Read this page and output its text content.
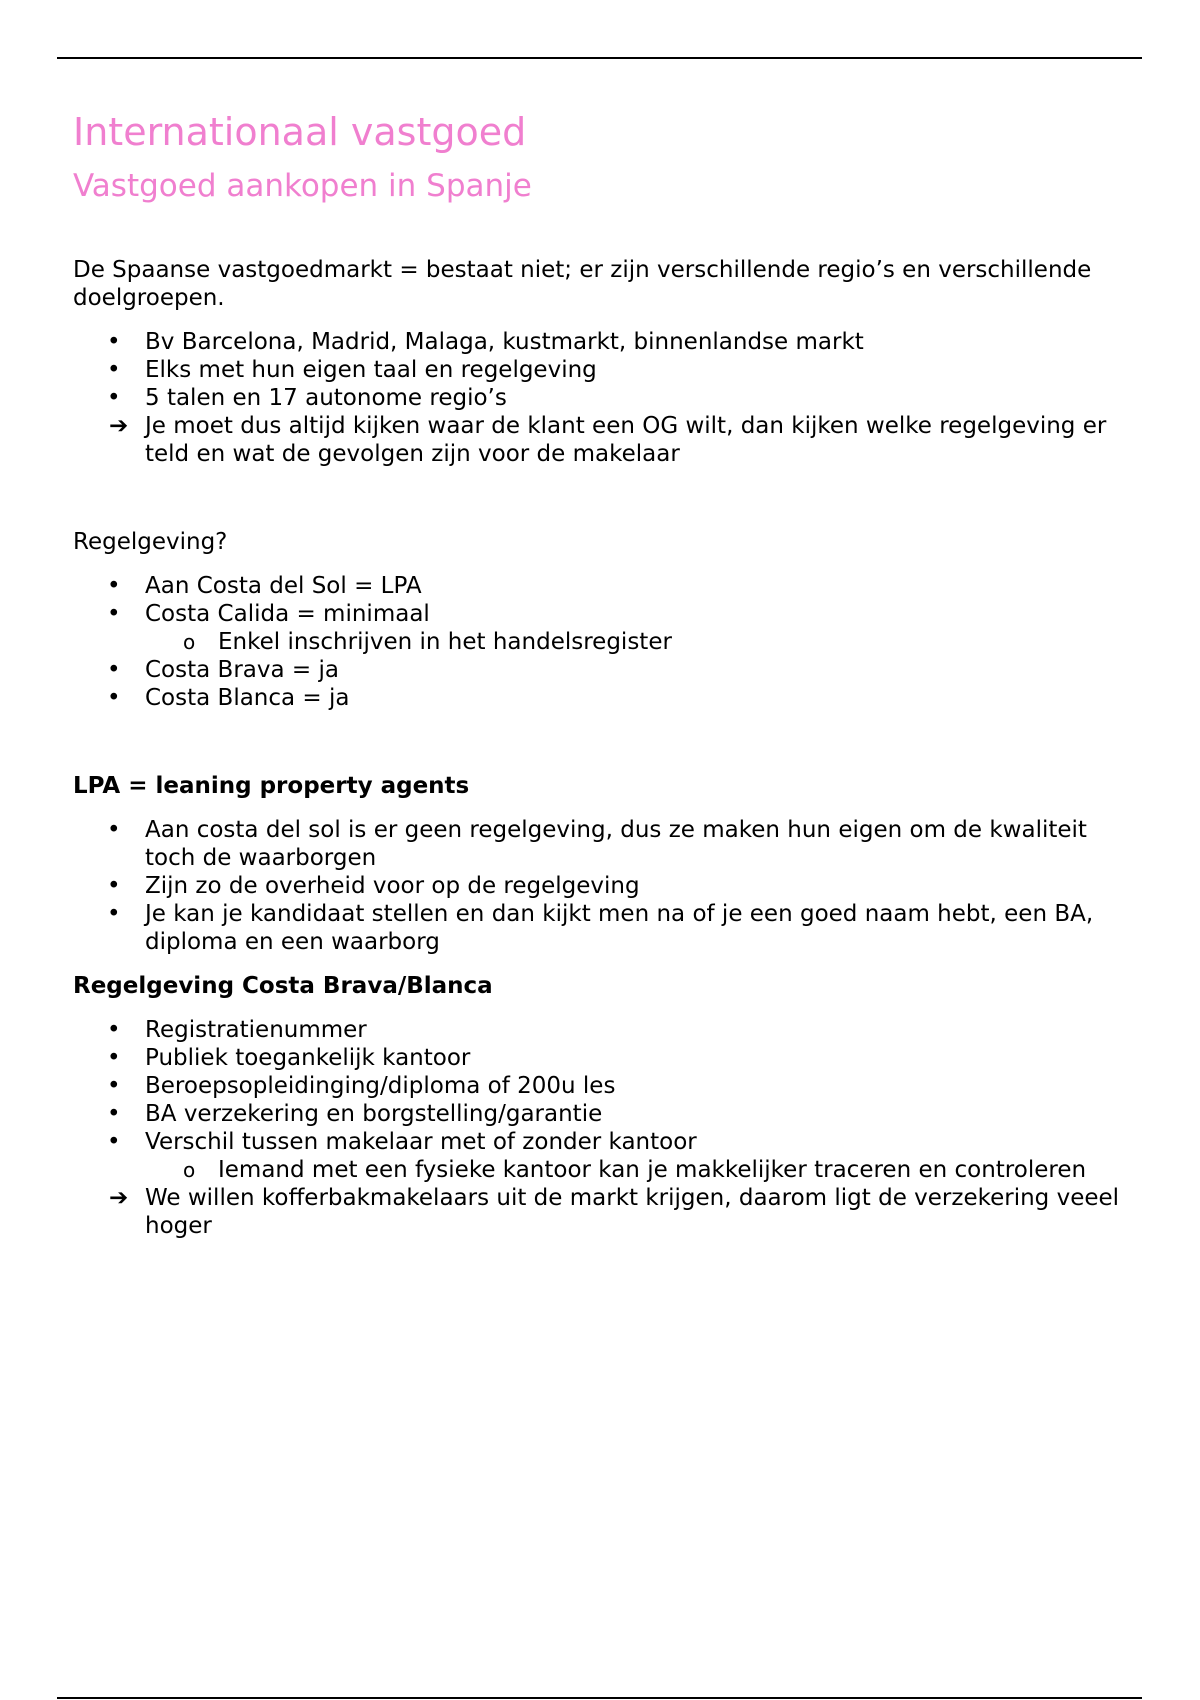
Internationaal vastgoed
Vastgoed aankopen in Spanje

De Spaanse vastgoedmarkt = bestaat niet; er zijn verschillende regio’s en verschillende doelgroepen.

• Bv Barcelona, Madrid, Malaga, kustmarkt, binnenlandse markt
• Elks met hun eigen taal en regelgeving
• 5 talen en 17 autonome regio’s
➔ Je moet dus altijd kijken waar de klant een OG wilt, dan kijken welke regelgeving er teld en wat de gevolgen zijn voor de makelaar

Regelgeving?

• Aan Costa del Sol = LPA
• Costa Calida = minimaal
o Enkel inschrijven in het handelsregister
• Costa Brava = ja
• Costa Blanca = ja

LPA = leaning property agents

• Aan costa del sol is er geen regelgeving, dus ze maken hun eigen om de kwaliteit toch de waarborgen
• Zijn zo de overheid voor op de regelgeving
• Je kan je kandidaat stellen en dan kijkt men na of je een goed naam hebt, een BA, diploma en een waarborg

Regelgeving Costa Brava/Blanca

• Registratienummer
• Publiek toegankelijk kantoor
• Beroepsopleidinging/diploma of 200u les
• BA verzekering en borgstelling/garantie
• Verschil tussen makelaar met of zonder kantoor
o Iemand met een fysieke kantoor kan je makkelijker traceren en controleren
➔ We willen kofferbakmakelaars uit de markt krijgen, daarom ligt de verzekering veeel hoger
